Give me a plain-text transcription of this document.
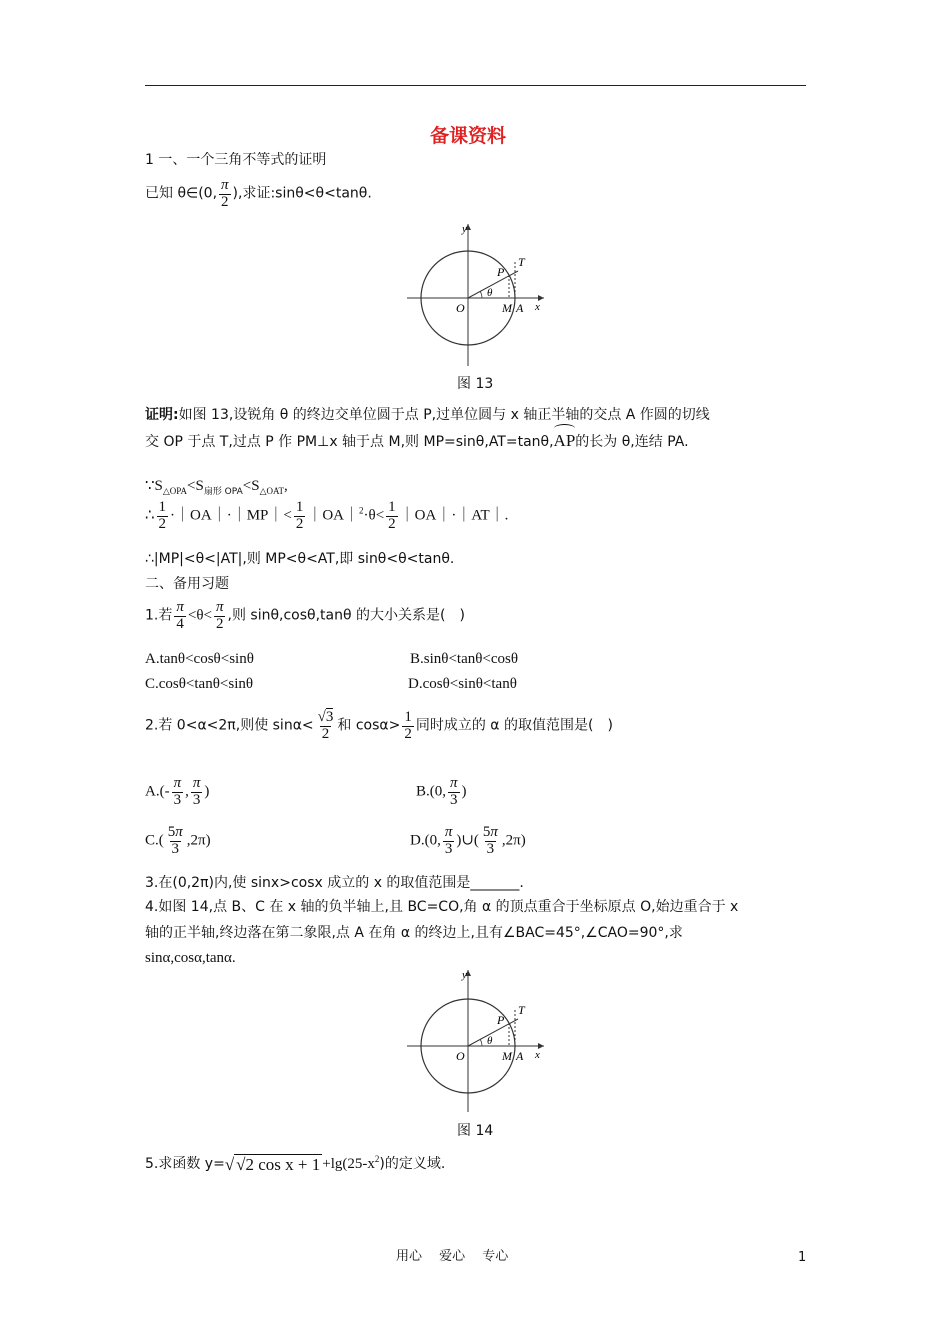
备课资料
1 一、一个三角不等式的证明
已知 θ∈(0, $\frac{\pi}{2}$ ),求证:sinθ<θ<tanθ.
y
x
O
P
T
M A
θ
图 13
证明:如图 13,设锐角 θ 的终边交单位圆于点 P,过单位圆与 x 轴正半轴的交点 A 作圆的切线
交 OP 于点 T,过点 P 作 PM⊥x 轴于点 M,则 MP=sinθ,AT=tanθ,
AP的长为 θ,连结 PA.
$\because S_{\triangle OPA}<S_{扇形 OPA}<S_{\triangle OAT}$,
∴ $\frac{1}{2}$ ·｜OA｜·｜MP｜< $\frac{1}{2}$ ｜OA｜$^2$·θ< $\frac{1}{2}$ ｜OA｜·｜AT｜.
∴|MP|<θ<|AT|,则 MP<θ<AT,即 sinθ<θ<tanθ.
二、备用习题
1.若 $\frac{\pi}{4} <\theta< \frac{\pi}{2}$ ,则 sinθ,cosθ,tanθ 的大小关系是(　)
A.tanθ<cosθ<sinθ	B.sinθ<tanθ<cosθ
C.cosθ<tanθ<sinθ	D.cosθ<sinθ<tanθ
2.若 0<α<2π,则使 $\sin\alpha< \frac{√3}{2}$ 和 $\cos\alpha> \frac{1}{2}$ 同时成立的 α 的取值范围是(　)
$A.(- \frac{\pi}{3}$ , $\frac{\pi}{3}$ )	B.(0, $\frac{\pi}{3}$ )
$C.( \frac{5\pi}{3} ,2\pi)$	D.(0, $\frac{\pi}{3}$ )∪( $\frac{5\pi}{3} ,2\pi$)
3.在(0,2π)内,使 sinx>cosx 成立的 x 的取值范围是_______.
4.如图 14,点 B、C 在 x 轴的负半轴上,且 BC=CO,角 α 的顶点重合于坐标原点 O,始边重合于 x
轴的正半轴,终边落在第二象限,点 A 在角 α 的终边上,且有∠BAC=45°,∠CAO=90°,求
sinα,cosα,tanα.
y
x
O
P
T
M A
θ
图 14
5.求函数 y=√ √2 $\cos x + 1 +\lg(25-x^2)$的定义域.
用心　 爱心　 专心	1
